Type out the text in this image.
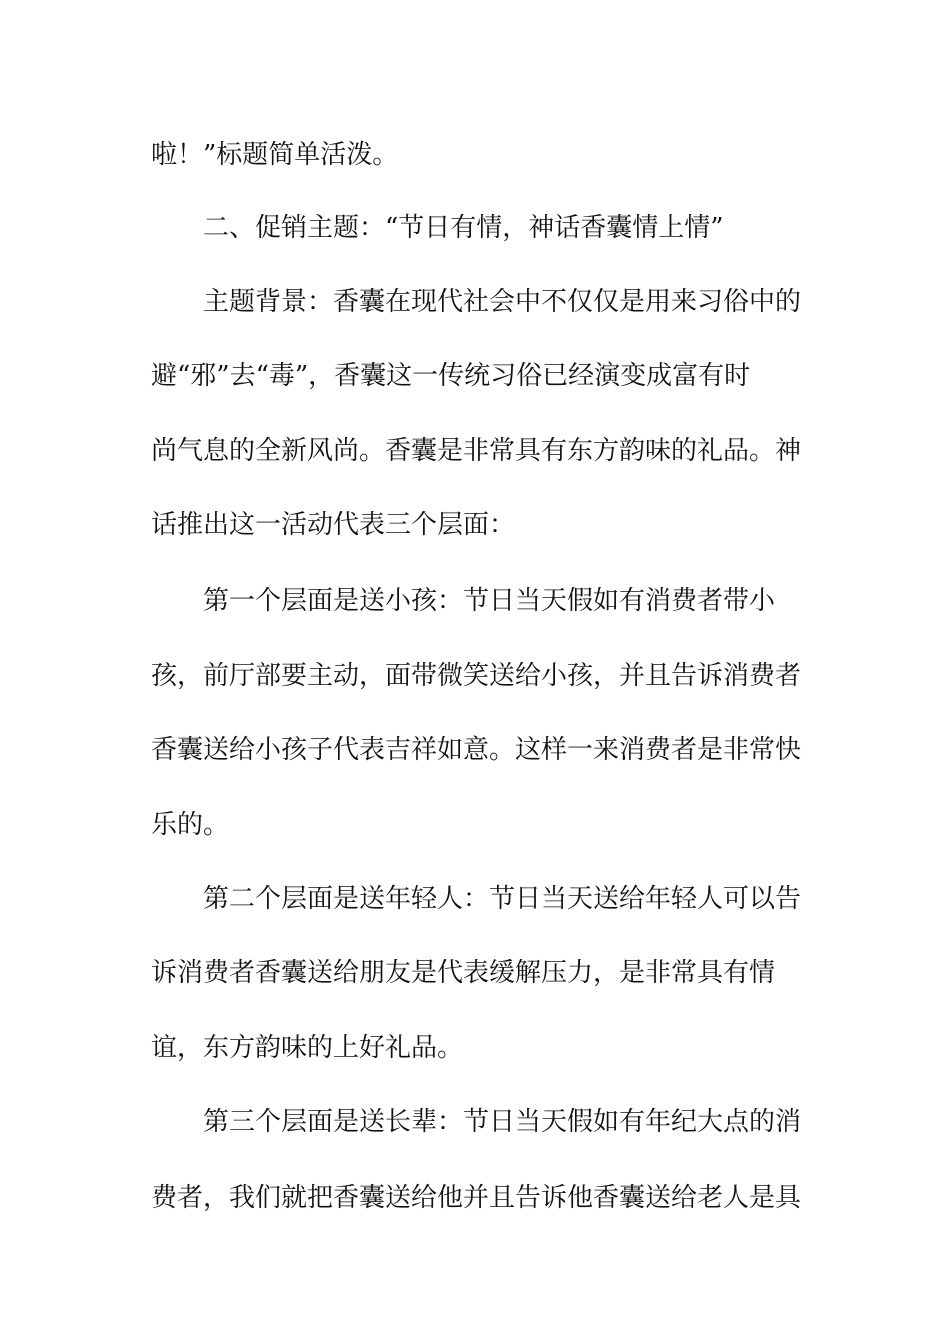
啦！”标题简单活泼。
二、促销主题：“节日有情，神话香囊情上情”
主题背景：香囊在现代社会中不仅仅是用来习俗中的
避“邪”去“毒”，香囊这一传统习俗已经演变成富有时
尚气息的全新风尚。香囊是非常具有东方韵味的礼品。神
话推出这一活动代表三个层面：
第一个层面是送小孩：节日当天假如有消费者带小
孩，前厅部要主动，面带微笑送给小孩，并且告诉消费者
香囊送给小孩子代表吉祥如意。这样一来消费者是非常快
乐的。
第二个层面是送年轻人：节日当天送给年轻人可以告
诉消费者香囊送给朋友是代表缓解压力，是非常具有情
谊，东方韵味的上好礼品。
第三个层面是送长辈：节日当天假如有年纪大点的消
费者，我们就把香囊送给他并且告诉他香囊送给老人是具
